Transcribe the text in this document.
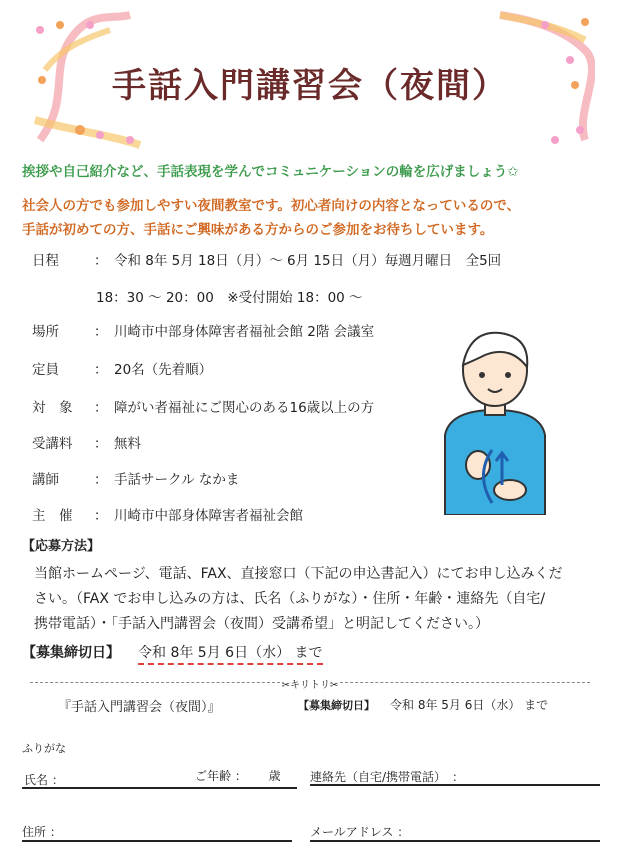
手話入門講習会（夜間）
挨拶や自己紹介など、手話表現を学んでコミュニケーションの輪を広げましょう✩
社会人の方でも参加しやすい夜間教室です。初心者向けの内容となっているので、
手話が初めての方、手話にご興味がある方からのご参加をお待ちしています。
日程	： 令和 8年 5月 18日（月）～ 6月 15日（月）毎週月曜日　全5回
18：30 ～ 20：00　※受付開始 18：00 ～
場所	： 川崎市中部身体障害者福祉会館 2階 会議室
定員	： 20名（先着順）
対　象 ： 障がい者福祉にご関心のある16歳以上の方
受講料 ： 無料
講師	： 手話サークル なかま
主　催 ： 川崎市中部身体障害者福祉会館
【応募方法】
当館ホームページ、電話、FAX、直接窓口（下記の申込書記入）にてお申し込みくだ
さい。（FAX でお申し込みの方は、氏名（ふりがな）・住所・年齢・連絡先（自宅/
携帯電話）・「手話入門講習会（夜間）受講希望」と明記してください。）
【募集締切日】 令和 8年 5月 6日（水） まで
✂キリトリ✂
『手話入門講習会（夜間）』	【募集締切日】 令和 8年 5月 6日（水） まで
ふりがな
氏名 ：	ご年齢 ：　　 歳 連絡先（自宅/携帯電話）　：
住所 ：	メールアドレス ：
